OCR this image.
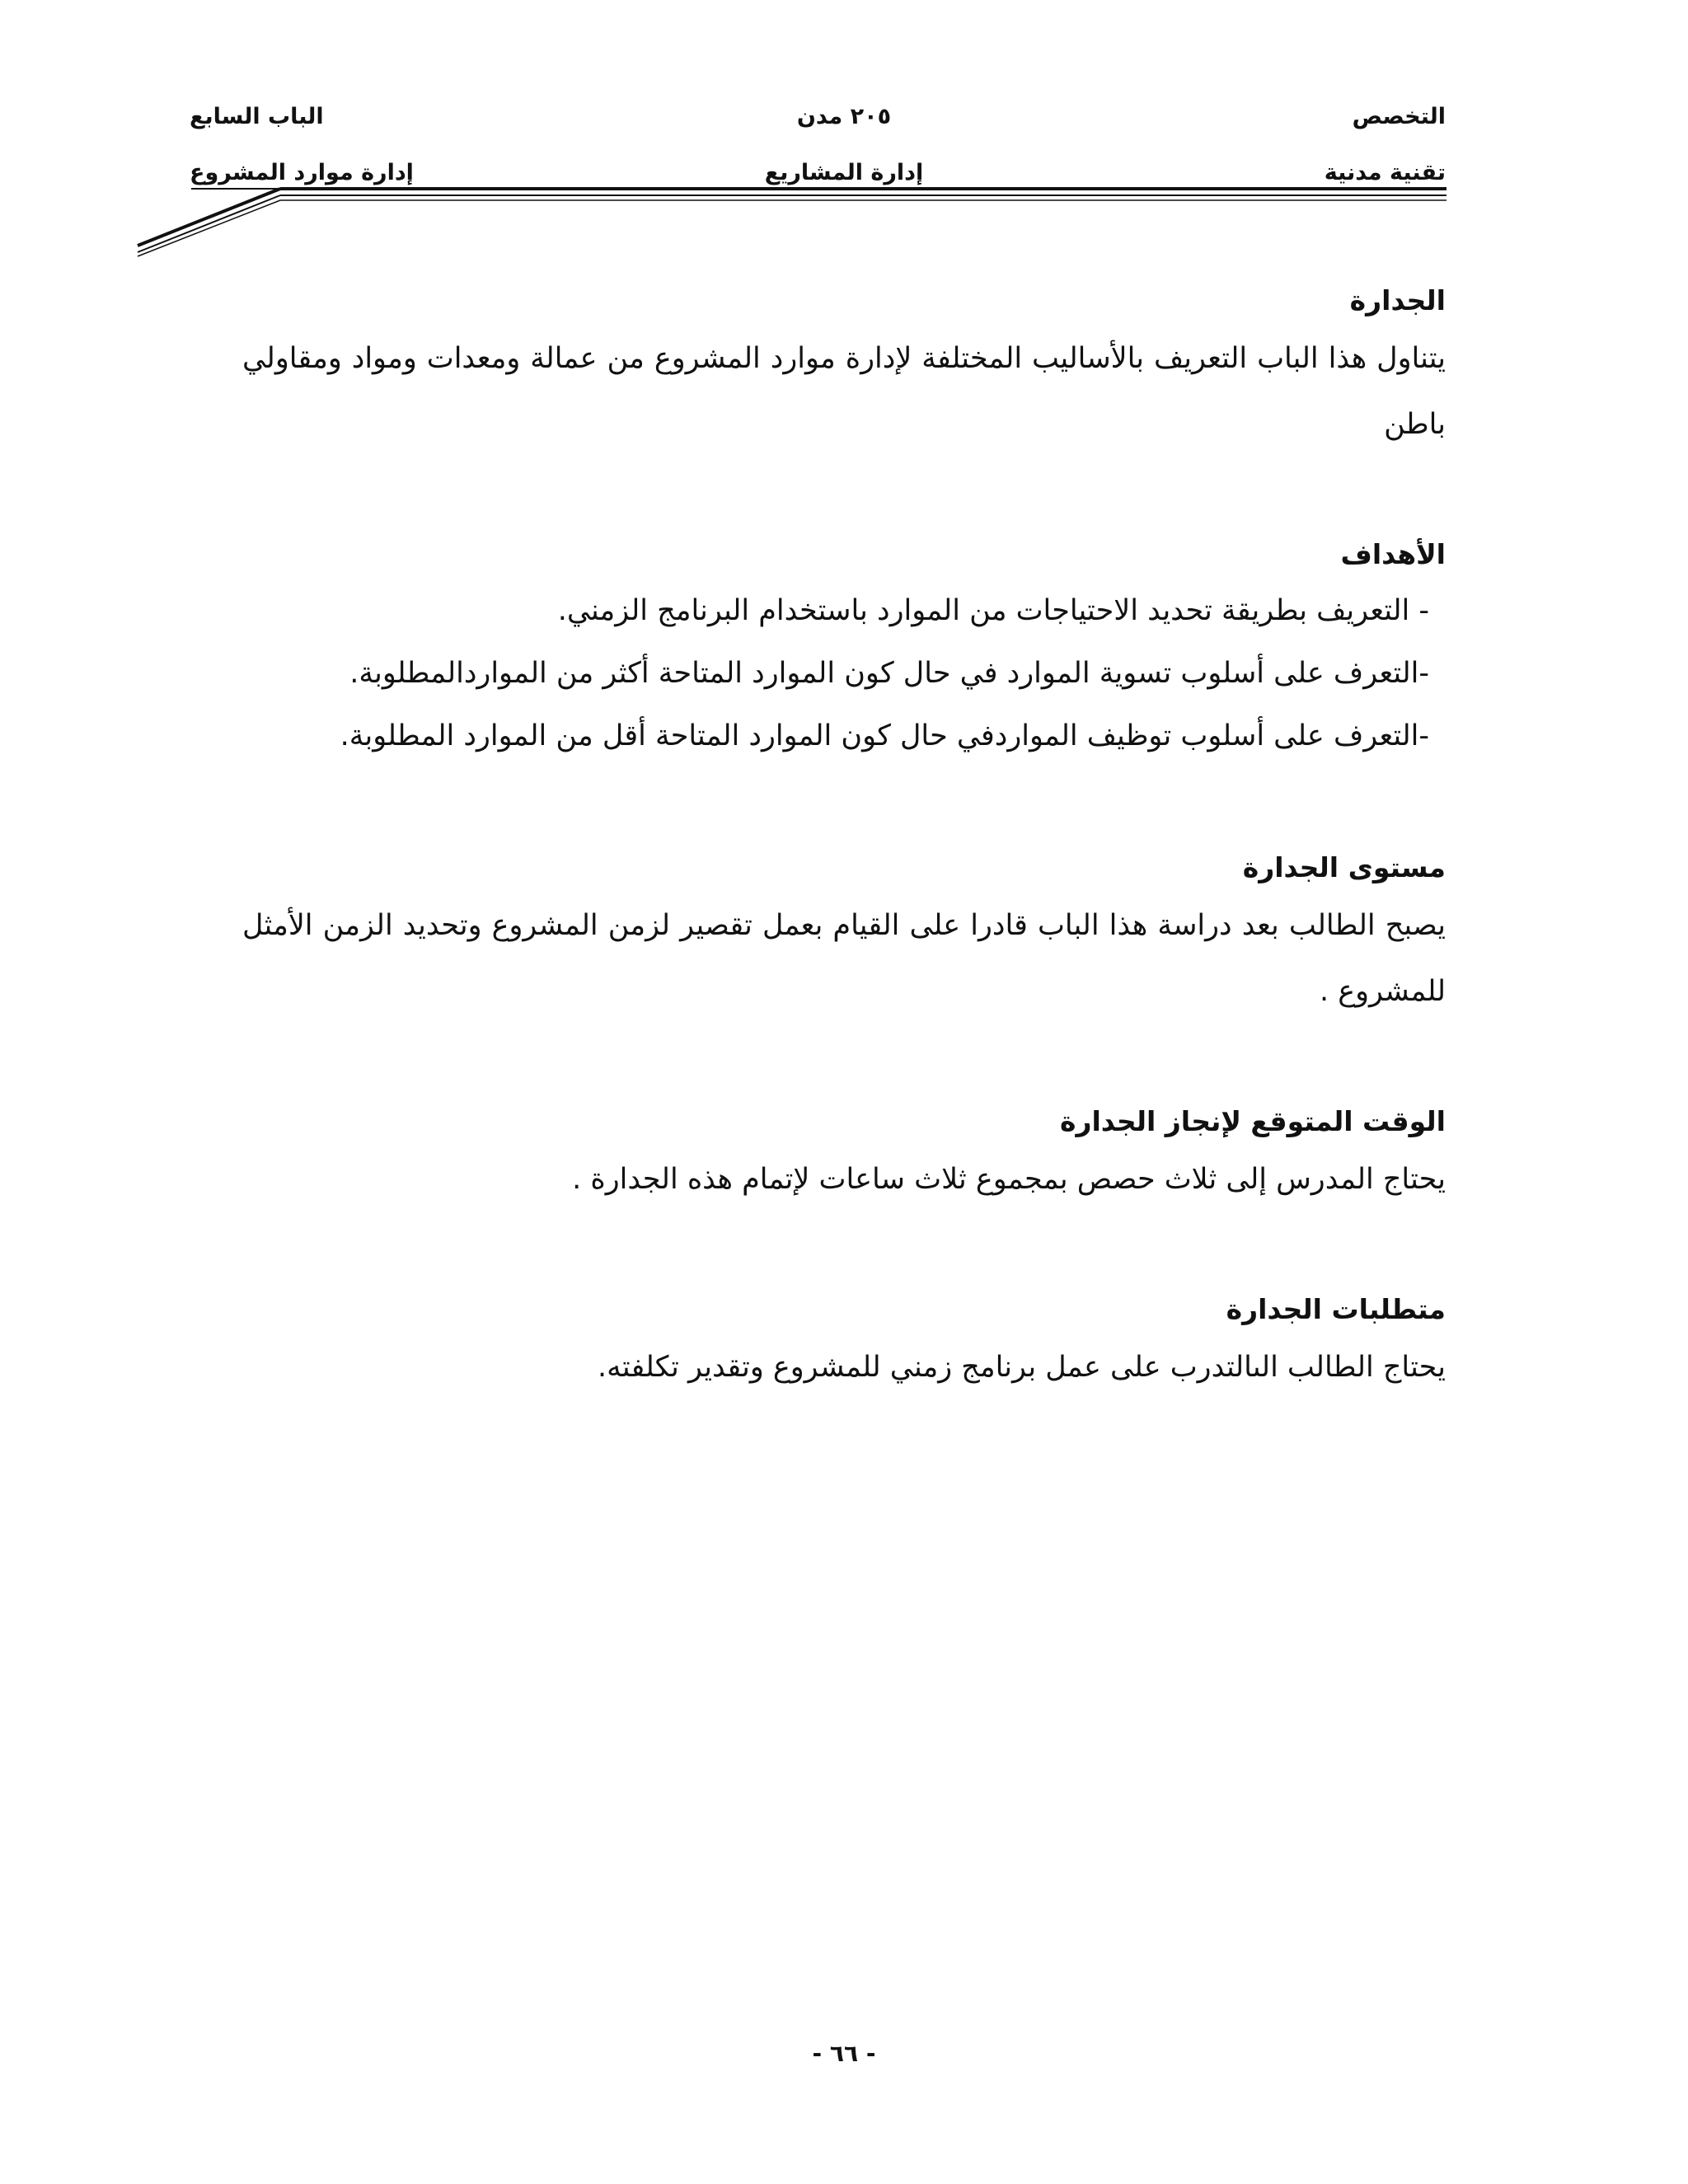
التخصص
تقنية مدنية
٢٠٥ مدن
إدارة المشاريع
الباب السابع
إدارة موارد المشروع
الجدارة

يتناول هذا الباب التعريف بالأساليب المختلفة لإدارة موارد المشروع من عمالة ومعدات ومواد ومقاولي باطن

الأهداف
- التعريف بطريقة تحديد الاحتياجات من الموارد باستخدام البرنامج الزمني.
-التعرف على أسلوب تسوية الموارد في حال كون الموارد المتاحة أكثر من المواردالمطلوبة.
-التعرف على أسلوب توظيف المواردفي حال كون الموارد المتاحة أقل من الموارد المطلوبة.
مستوى الجدارة

يصبح الطالب بعد دراسة هذا الباب قادرا على القيام بعمل تقصير لزمن المشروع وتحديد الزمن الأمثل للمشروع .

الوقت المتوقع لإنجاز الجدارة

يحتاج المدرس إلى ثلاث حصص بمجموع ثلاث ساعات لإتمام هذه الجدارة .

متطلبات الجدارة

يحتاج الطالب الىالتدرب على عمل برنامج زمني للمشروع وتقدير تكلفته.

- ٦٦ -
